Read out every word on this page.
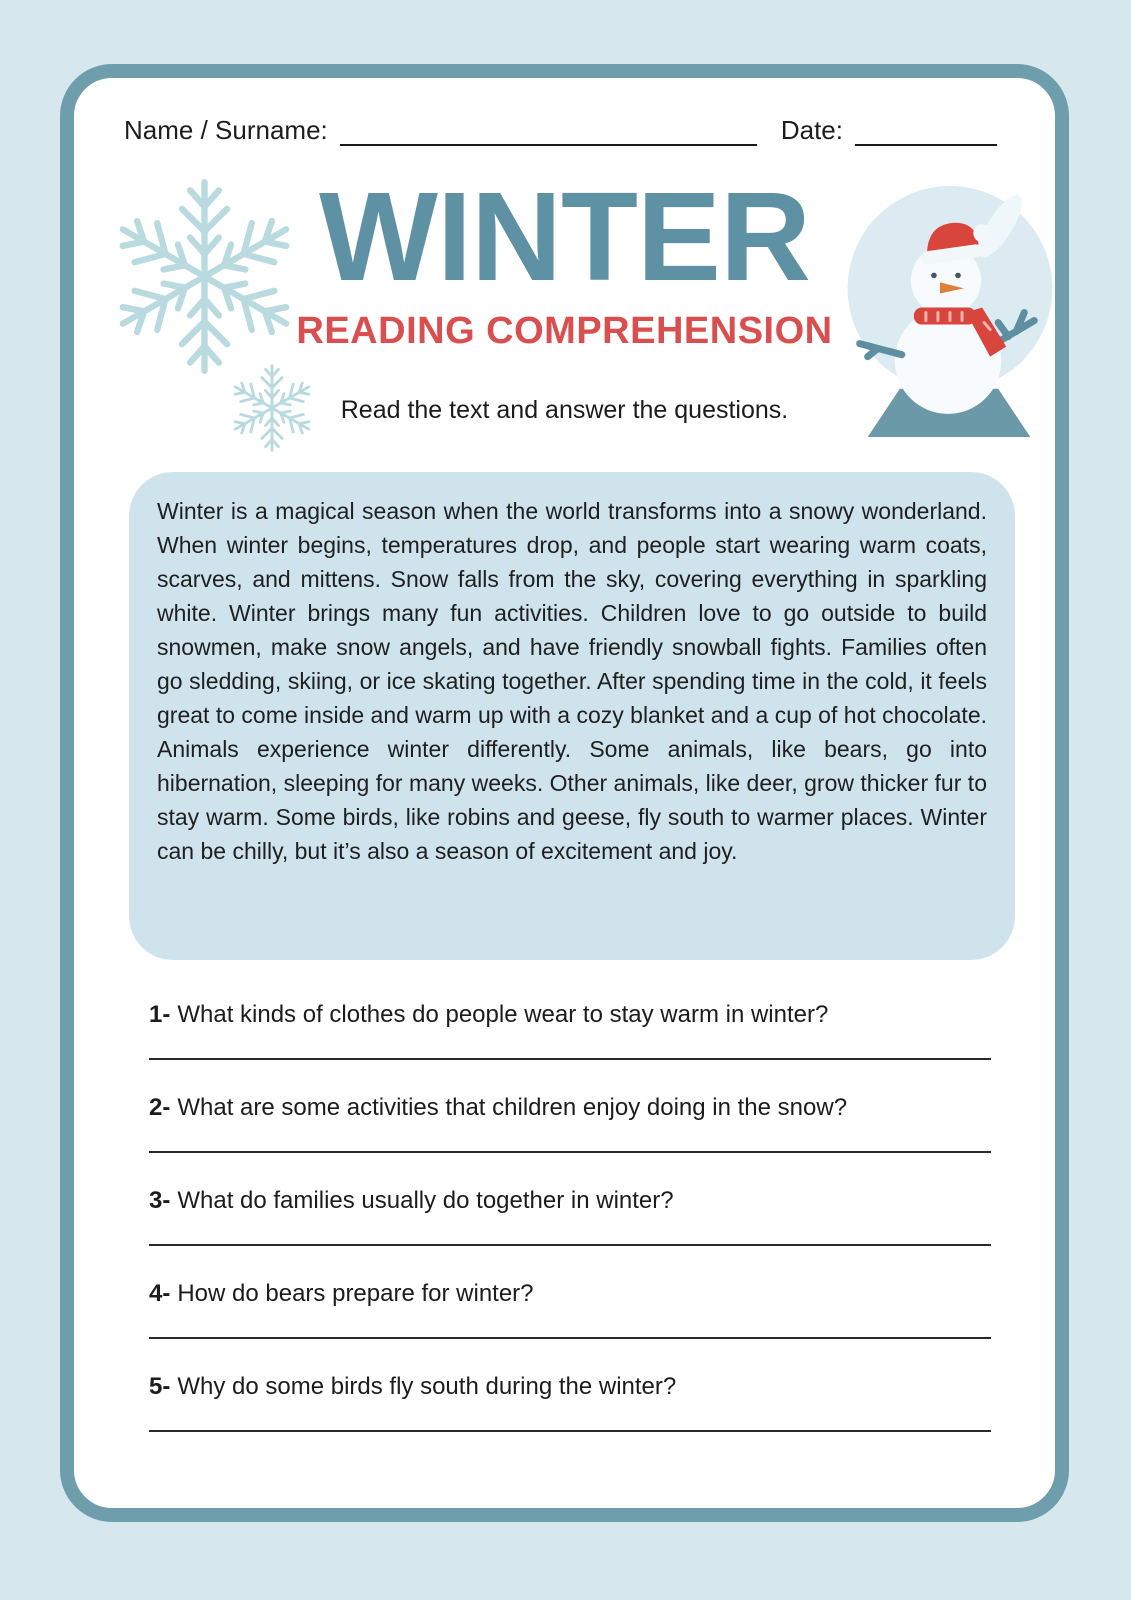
Name / Surname:	Date:
WINTER
READING COMPREHENSION
Read the text and answer the questions.

Winter is a magical season when the world transforms into a snowy wonderland. When winter begins, temperatures drop, and people start wearing warm coats, scarves, and mittens. Snow falls from the sky, covering everything in sparkling white. Winter brings many fun activities. Children love to go outside to build snowmen, make snow angels, and have friendly snowball fights. Families often go sledding, skiing, or ice skating together. After spending time in the cold, it feels great to come inside and warm up with a cozy blanket and a cup of hot chocolate. Animals experience winter differently. Some animals, like bears, go into hibernation, sleeping for many weeks. Other animals, like deer, grow thicker fur to stay warm. Some birds, like robins and geese, fly south to warmer places. Winter can be chilly, but it’s also a season of excitement and joy.

1- What kinds of clothes do people wear to stay warm in winter?

2- What are some activities that children enjoy doing in the snow?

3- What do families usually do together in winter?

4- How do bears prepare for winter?

5- Why do some birds fly south during the winter?
